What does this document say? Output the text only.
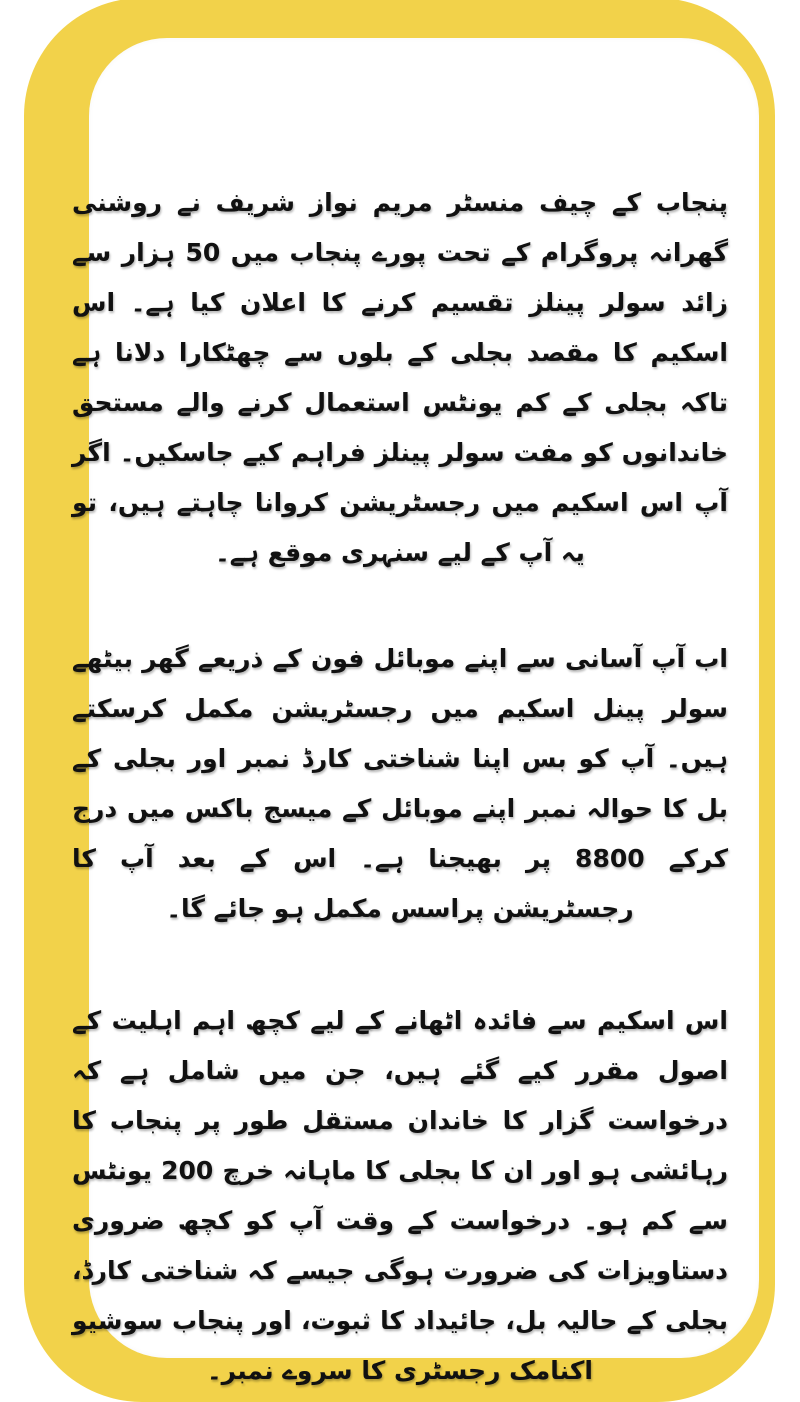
پنجاب کے چیف منسٹر مریم نواز شریف نے روشنی گھرانہ پروگرام کے تحت پورے پنجاب میں 50 ہزار سے زائد سولر پینلز تقسیم کرنے کا اعلان کیا ہے۔ اس اسکیم کا مقصد بجلی کے بلوں سے چھٹکارا دلانا ہے تاکہ بجلی کے کم یونٹس استعمال کرنے والے مستحق خاندانوں کو مفت سولر پینلز فراہم کیے جاسکیں۔ اگر آپ اس اسکیم میں رجسٹریشن کروانا چاہتے ہیں، تو یہ آپ کے لیے سنہری موقع ہے۔

اب آپ آسانی سے اپنے موبائل فون کے ذریعے گھر بیٹھے سولر پینل اسکیم میں رجسٹریشن مکمل کرسکتے ہیں۔ آپ کو بس اپنا شناختی کارڈ نمبر اور بجلی کے بل کا حوالہ نمبر اپنے موبائل کے میسج باکس میں درج کرکے 8800 پر بھیجنا ہے۔ اس کے بعد آپ کا رجسٹریشن پراسس مکمل ہو جائے گا۔

اس اسکیم سے فائدہ اٹھانے کے لیے کچھ اہم اہلیت کے اصول مقرر کیے گئے ہیں، جن میں شامل ہے کہ درخواست گزار کا خاندان مستقل طور پر پنجاب کا رہائشی ہو اور ان کا بجلی کا ماہانہ خرچ 200 یونٹس سے کم ہو۔ درخواست کے وقت آپ کو کچھ ضروری دستاویزات کی ضرورت ہوگی جیسے کہ شناختی کارڈ، بجلی کے حالیہ بل، جائیداد کا ثبوت، اور پنجاب سوشیو اکنامک رجسٹری کا سروے نمبر۔
